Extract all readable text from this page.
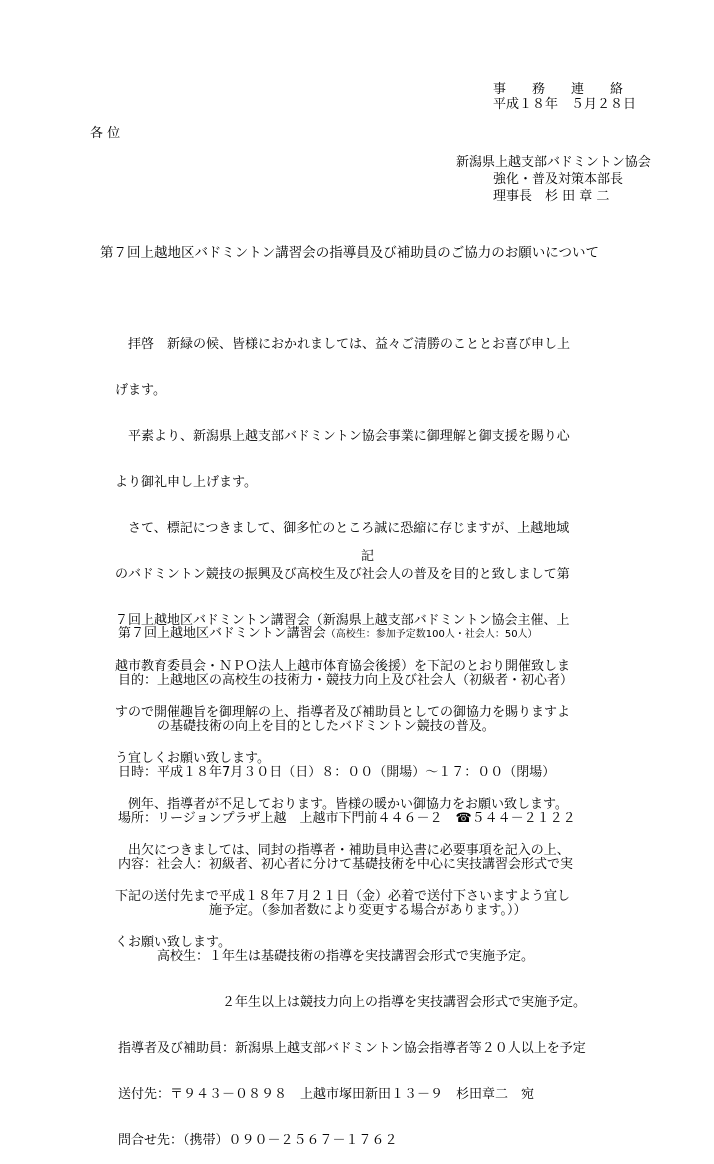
事　　務　　連　　絡
平成１８年　５月２８日
各 位
新潟県上越支部バドミントン協会
強化・普及対策本部長
理事長　杉 田 章 二
第７回上越地区バドミントン講習会の指導員及び補助員のご協力のお願いについて

　拝啓　新緑の候、皆様におかれましては、益々ご清勝のこととお喜び申し上

げます。

　平素より、新潟県上越支部バドミントン協会事業に御理解と御支援を賜り心

より御礼申し上げます。

　さて、標記につきまして、御多忙のところ誠に恐縮に存じますが、上越地域

のバドミントン競技の振興及び高校生及び社会人の普及を目的と致しまして第

７回上越地区バドミントン講習会（新潟県上越支部バドミントン協会主催、上

越市教育委員会・ＮＰＯ法人上越市体育協会後援）を下記のとおり開催致しま

すので開催趣旨を御理解の上、指導者及び補助員としての御協力を賜りますよ

う宜しくお願い致します。

　例年、指導者が不足しております。皆様の暖かい御協力をお願い致します。

　出欠につきましては、同封の指導者・補助員申込書に必要事項を記入の上、

下記の送付先まで平成１８年７月２１日（金）必着で送付下さいますよう宜し

くお願い致します。

記

第７回上越地区バドミントン講習会（高校生：参加予定数100人・社会人：50人）

目的：上越地区の高校生の技術力・競技力向上及び社会人（初級者・初心者）

　　　の基礎技術の向上を目的としたバドミントン競技の普及。

日時：平成１８年7月３０日（日）８：００（開場）～１７：００（閉場）

場所：リージョンプラザ上越　上越市下門前４４６－２　☎５４４－２１２２

内容：社会人：初級者、初心者に分けて基礎技術を中心に実技講習会形式で実

　　　　　　　施予定。（参加者数により変更する場合があります。））

　　　高校生：１年生は基礎技術の指導を実技講習会形式で実施予定。

　　　　　　　　２年生以上は競技力向上の指導を実技講習会形式で実施予定。

指導者及び補助員：新潟県上越支部バドミントン協会指導者等２０人以上を予定

送付先：〒９４３－０８９８　上越市塚田新田１３－９　杉田章二　宛

問合せ先：（携帯）０９０－２５６７－１７６２
